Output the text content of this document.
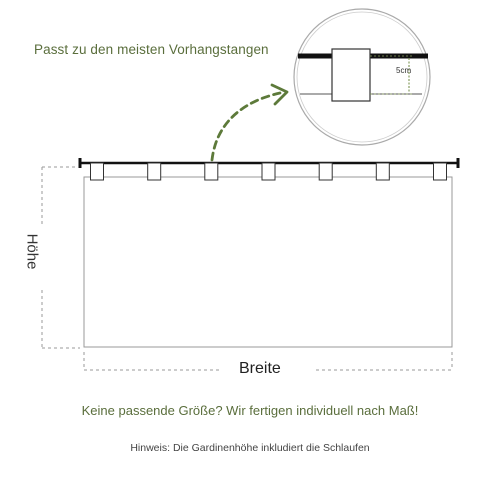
Passt zu den meisten Vorhangstangen
5cm
Höhe
Breite
Keine passende Größe? Wir fertigen individuell nach Maß!
Hinweis: Die Gardinenhöhe inkludiert die Schlaufen
